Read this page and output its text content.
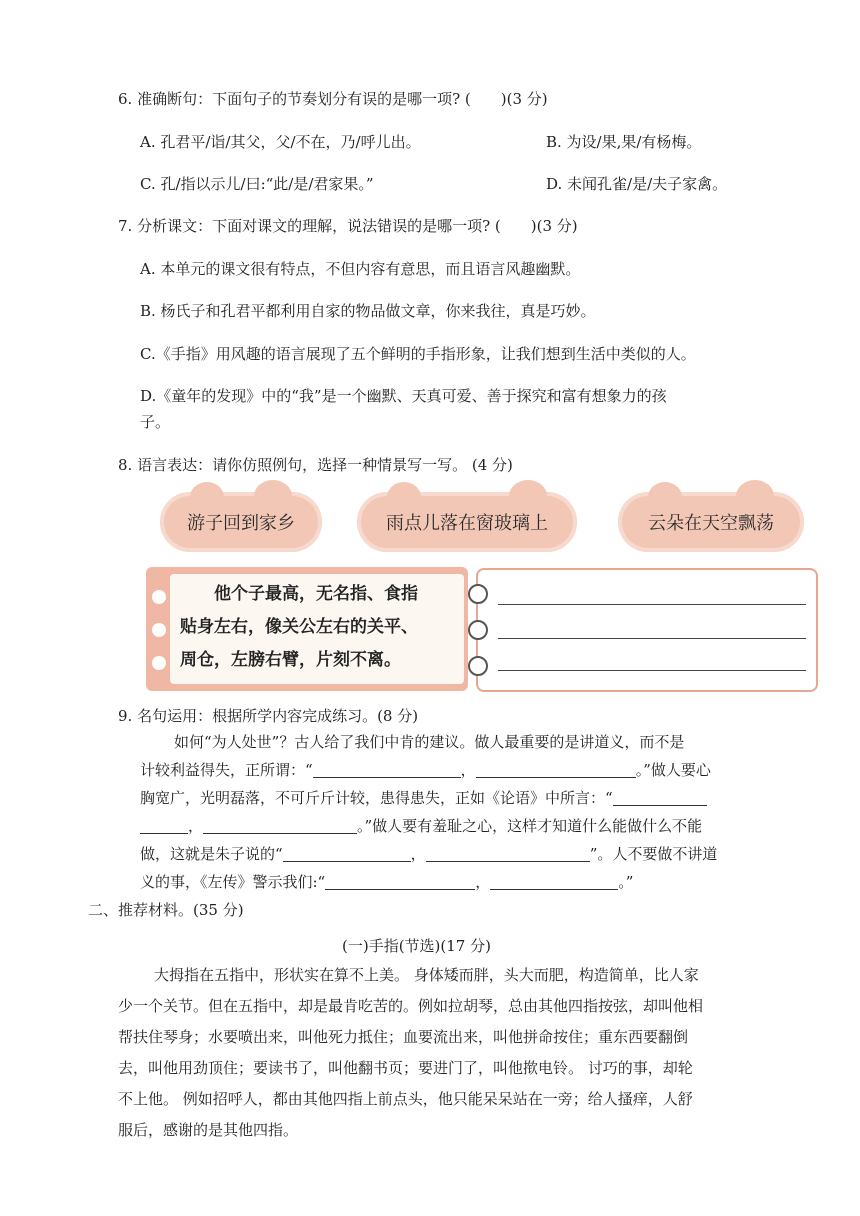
6. 准确断句：下面句子的节奏划分有误的是哪一项? (　　)(3 分)
A. 孔君平/诣/其父，父/不在，乃/呼儿出。	B. 为设/果,果/有杨梅。
C. 孔/指以示儿/曰:“此/是/君家果。”	D. 未闻孔雀/是/夫子家禽。
7. 分析课文：下面对课文的理解，说法错误的是哪一项? (　　)(3 分)
A. 本单元的课文很有特点，不但内容有意思，而且语言风趣幽默。
B. 杨氏子和孔君平都利用自家的物品做文章，你来我往，真是巧妙。
C.《手指》用风趣的语言展现了五个鲜明的手指形象，让我们想到生活中类似的人。
D.《童年的发现》中的“我”是一个幽默、天真可爱、善于探究和富有想象力的孩
子。
8. 语言表达：请你仿照例句，选择一种情景写一写。 (4 分)
游子回到家乡	雨点儿落在窗玻璃上	云朵在天空飘荡
他个子最高，无名指、食指
贴身左右，像关公左右的关平、
周仓，左膀右臂，片刻不离。
9. 名句运用：根据所学内容完成练习。(8 分)
如何“为人处世”？古人给了我们中肯的建议。做人最重要的是讲道义，而不是
计较利益得失，正所谓：“	，	。”做人要心
胸宽广，光明磊落，不可斤斤计较，患得患失，正如《论语》中所言：“
，	。”做人要有羞耻之心，这样才知道什么能做什么不能
做，这就是朱子说的“	，	”。人不要做不讲道
义的事，《左传》警示我们:“	，	。”
二、推荐材料。(35 分)
(一)手指(节选)(17 分)
大拇指在五指中，形状实在算不上美。 身体矮而胖，头大而肥，构造简单，比人家
少一个关节。但在五指中，却是最肯吃苦的。例如拉胡琴，总由其他四指按弦，却叫他相
帮扶住琴身；水要喷出来，叫他死力抵住；血要流出来，叫他拼命按住；重东西要翻倒
去，叫他用劲顶住；要读书了，叫他翻书页；要进门了，叫他揿电铃。 讨巧的事，却轮
不上他。 例如招呼人，都由其他四指上前点头，他只能呆呆站在一旁；给人搔痒，人舒
服后，感谢的是其他四指。
